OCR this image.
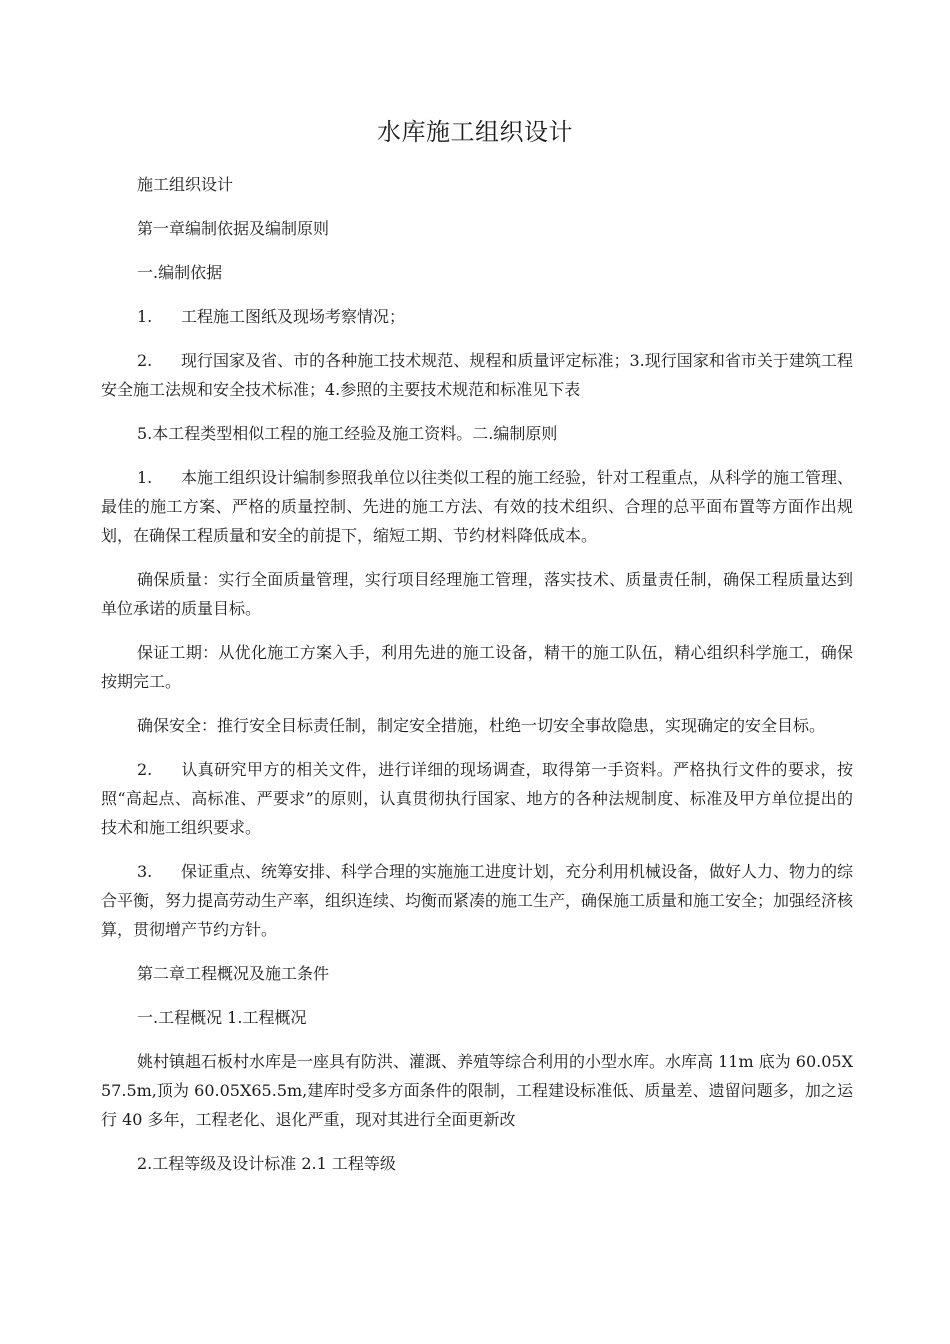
水库施工组织设计

施工组织设计

第一章编制依据及编制原则

一.编制依据

1. 工程施工图纸及现场考察情况；

2. 现行国家及省、市的各种施工技术规范、规程和质量评定标准；3.现行国家和省市关于建筑工程安全施工法规和安全技术标准；4.参照的主要技术规范和标准见下表

5.本工程类型相似工程的施工经验及施工资料。二.编制原则

1. 本施工组织设计编制参照我单位以往类似工程的施工经验，针对工程重点，从科学的施工管理、最佳的施工方案、严格的质量控制、先进的施工方法、有效的技术组织、合理的总平面布置等方面作出规划，在确保工程质量和安全的前提下，缩短工期、节约材料降低成本。

确保质量：实行全面质量管理，实行项目经理施工管理，落实技术、质量责任制，确保工程质量达到单位承诺的质量目标。

保证工期：从优化施工方案入手，利用先进的施工设备，精干的施工队伍，精心组织科学施工，确保按期完工。

确保安全：推行安全目标责任制，制定安全措施，杜绝一切安全事故隐患，实现确定的安全目标。

2. 认真研究甲方的相关文件，进行详细的现场调查，取得第一手资料。严格执行文件的要求，按照“高起点、高标准、严要求”的原则，认真贯彻执行国家、地方的各种法规制度、标准及甲方单位提出的技术和施工组织要求。

3. 保证重点、统筹安排、科学合理的实施施工进度计划，充分利用机械设备，做好人力、物力的综合平衡，努力提高劳动生产率，组织连续、均衡而紧凑的施工生产，确保施工质量和施工安全；加强经济核算，贯彻增产节约方针。

第二章工程概况及施工条件

一.工程概况 1.工程概况

姚村镇趄石板村水库是一座具有防洪、灌溉、养殖等综合利用的小型水库。水库高 11m 底为 60.05X57.5m,顶为 60.05X65.5m,建库时受多方面条件的限制，工程建设标准低、质量差、遗留问题多，加之运行 40 多年，工程老化、退化严重，现对其进行全面更新改

2.工程等级及设计标准 2.1 工程等级
